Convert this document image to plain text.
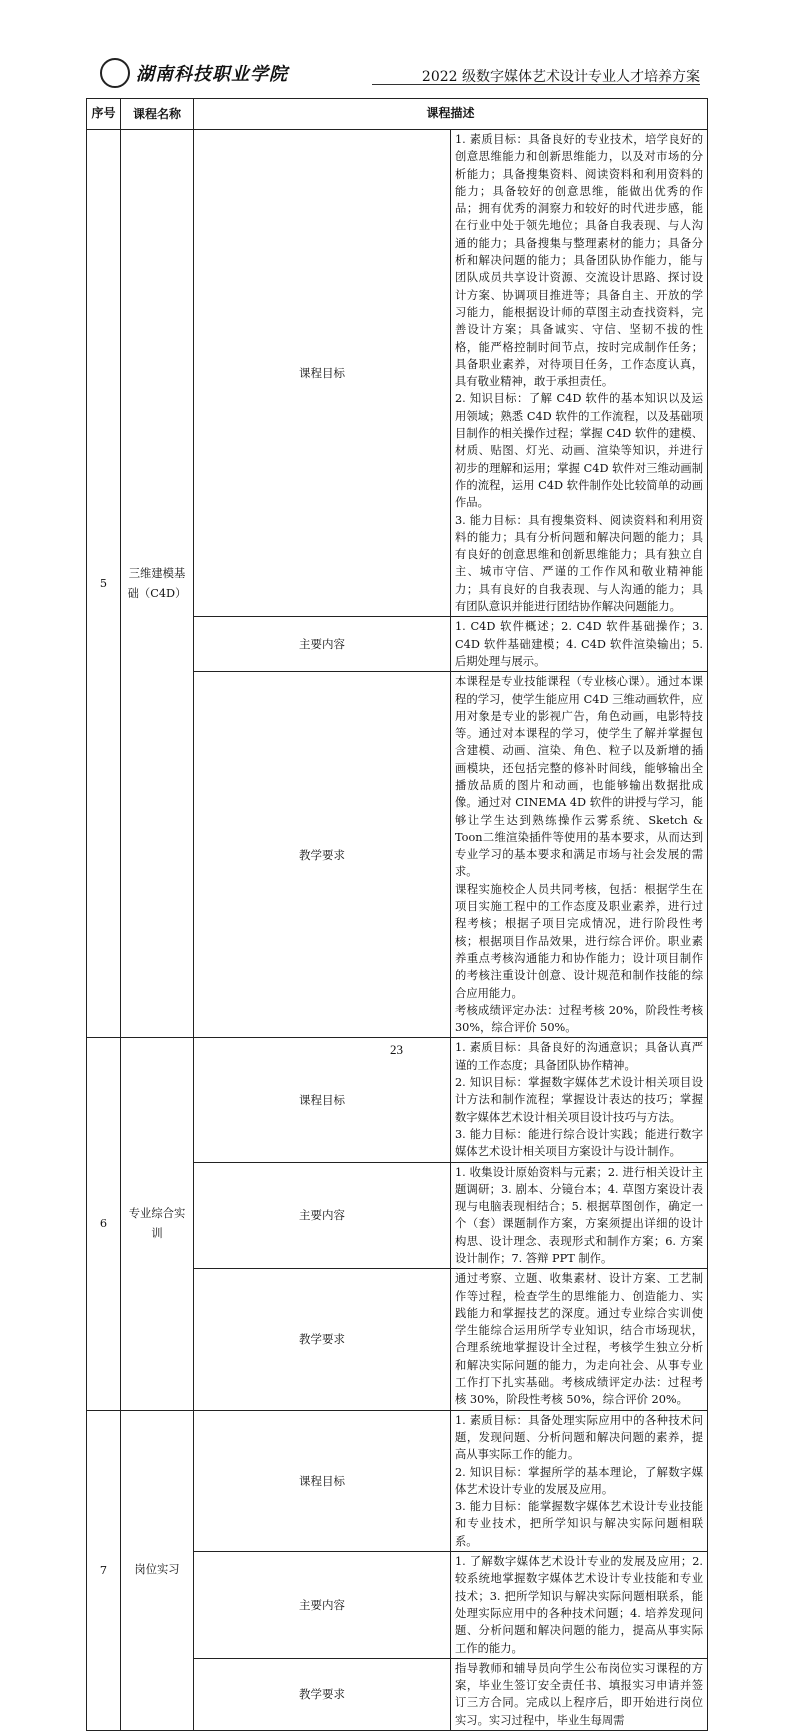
湖南科技职业学院	2022 级数字媒体艺术设计专业人才培养方案
序号	课程名称	课程描述	
5	三维建模基础（C4D）	课程目标	1. 素质目标：具备良好的专业技术，培学良好的创意思维能力和创新思维能力，以及对市场的分析能力；具备搜集资料、阅读资料和利用资料的能力；具备较好的创意思维，能做出优秀的作品；拥有优秀的洞察力和较好的时代进步感，能在行业中处于领先地位；具备自我表现、与人沟通的能力；具备搜集与整理素材的能力；具备分析和解决问题的能力；具备团队协作能力，能与团队成员共享设计资源、交流设计思路、探讨设计方案、协调项目推进等；具备自主、开放的学习能力，能根据设计师的草图主动查找资料，完善设计方案；具备诚实、守信、坚韧不拔的性格，能严格控制时间节点，按时完成制作任务；具备职业素养，对待项目任务，工作态度认真，具有敬业精神，敢于承担责任。

2. 知识目标：了解 C4D 软件的基本知识以及运用领域；熟悉 C4D 软件的工作流程，以及基础项目制作的相关操作过程；掌握 C4D 软件的建模、材质、贴图、灯光、动画、渲染等知识，并进行初步的理解和运用；掌握 C4D 软件对三维动画制作的流程，运用 C4D 软件制作处比较简单的动画作品。

3. 能力目标：具有搜集资料、阅读资料和利用资料的能力；具有分析问题和解决问题的能力；具有良好的创意思维和创新思维能力；具有独立自主、城市守信、严谨的工作作风和敬业精神能力；具有良好的自我表现、与人沟通的能力；具有团队意识并能进行团结协作解决问题能力。

		主要内容	1. C4D 软件概述；2. C4D 软件基础操作；3. C4D 软件基础建模；4. C4D 软件渲染输出；5. 后期处理与展示。

		教学要求	本课程是专业技能课程（专业核心课）。通过本课程的学习，使学生能应用 C4D 三维动画软件，应用对象是专业的影视广告，角色动画，电影特技等。通过对本课程的学习，使学生了解并掌握包含建模、动画、渲染、角色、粒子以及新增的插画模块，还包括完整的修补时间线，能够输出全播放品质的图片和动画，也能够输出数据批成像。通过对 CINEMA 4D 软件的讲授与学习，能够让学生达到熟练操作云雾系统、Sketch & Toon二维渲染插件等使用的基本要求，从而达到专业学习的基本要求和满足市场与社会发展的需求。

课程实施校企人员共同考核，包括：根据学生在项目实施工程中的工作态度及职业素养，进行过程考核；根据子项目完成情况，进行阶段性考核；根据项目作品效果，进行综合评价。职业素养重点考核沟通能力和协作能力；设计项目制作的考核注重设计创意、设计规范和制作技能的综合应用能力。

考核成绩评定办法：过程考核 20%，阶段性考核 30%，综合评价 50%。

6	专业综合实训	课程目标	1. 素质目标：具备良好的沟通意识；具备认真严谨的工作态度；具备团队协作精神。

2. 知识目标：掌握数字媒体艺术设计相关项目设计方法和制作流程；掌握设计表达的技巧；掌握数字媒体艺术设计相关项目设计技巧与方法。

3. 能力目标：能进行综合设计实践；能进行数字媒体艺术设计相关项目方案设计与设计制作。

		主要内容	1. 收集设计原始资料与元素；2. 进行相关设计主题调研；3. 剧本、分镜台本；4. 草图方案设计表现与电脑表现相结合；5. 根据草图创作，确定一个（套）课题制作方案，方案须提出详细的设计构思、设计理念、表现形式和制作方案；6. 方案设计制作；7. 答辩 PPT 制作。

		教学要求	通过考察、立题、收集素材、设计方案、工艺制作等过程，检查学生的思维能力、创造能力、实践能力和掌握技艺的深度。通过专业综合实训使学生能综合运用所学专业知识，结合市场现状，合理系统地掌握设计全过程，考核学生独立分析和解决实际问题的能力，为走向社会、从事专业工作打下扎实基础。考核成绩评定办法：过程考核 30%，阶段性考核 50%，综合评价 20%。

7	岗位实习	课程目标	1. 素质目标：具备处理实际应用中的各种技术问题，发现问题、分析问题和解决问题的素养，提高从事实际工作的能力。

2. 知识目标：掌握所学的基本理论，了解数字媒体艺术设计专业的发展及应用。

3. 能力目标：能掌握数字媒体艺术设计专业技能和专业技术，把所学知识与解决实际问题相联系。

		主要内容	1. 了解数字媒体艺术设计专业的发展及应用；2. 较系统地掌握数字媒体艺术设计专业技能和专业技术；3. 把所学知识与解决实际问题相联系，能处理实际应用中的各种技术问题；4. 培养发现问题、分析问题和解决问题的能力，提高从事实际工作的能力。

		教学要求	指导教师和辅导员向学生公布岗位实习课程的方案，毕业生签订安全责任书、填报实习申请并签订三方合同。完成以上程序后，即开始进行岗位实习。实习过程中，毕业生每周需

23
